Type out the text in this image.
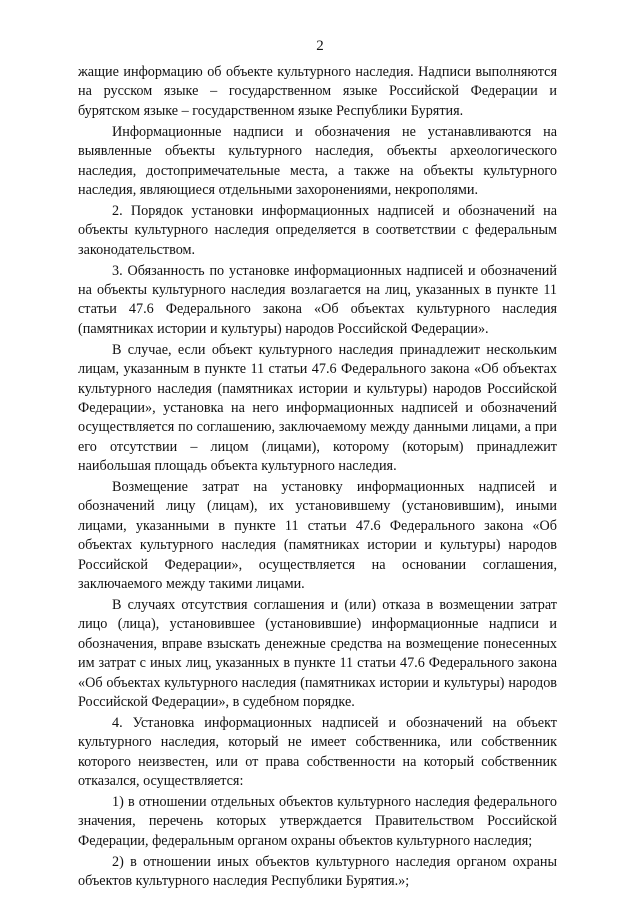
2

жащие информацию об объекте культурного наследия. Надписи выполняются на русском языке – государственном языке Российской Федерации и бурятском языке – государственном языке Республики Бурятия.

Информационные надписи и обозначения не устанавливаются на выявленные объекты культурного наследия, объекты археологического наследия, достопримечательные места, а также на объекты культурного наследия, являющиеся отдельными захоронениями, некрополями.

2. Порядок установки информационных надписей и обозначений на объекты культурного наследия определяется в соответствии с федеральным законодательством.

3. Обязанность по установке информационных надписей и обозначений на объекты культурного наследия возлагается на лиц, указанных в пункте 11 статьи 47.6 Федерального закона «Об объектах культурного наследия (памятниках истории и культуры) народов Российской Федерации».

В случае, если объект культурного наследия принадлежит нескольким лицам, указанным в пункте 11 статьи 47.6 Федерального закона «Об объектах культурного наследия (памятниках истории и культуры) народов Российской Федерации», установка на него информационных надписей и обозначений осуществляется по соглашению, заключаемому между данными лицами, а при его отсутствии – лицом (лицами), которому (которым) принадлежит наибольшая площадь объекта культурного наследия.

Возмещение затрат на установку информационных надписей и обозначений лицу (лицам), их установившему (установившим), иными лицами, указанными в пункте 11 статьи 47.6 Федерального закона «Об объектах культурного наследия (памятниках истории и культуры) народов Российской Федерации», осуществляется на основании соглашения, заключаемого между такими лицами.

В случаях отсутствия соглашения и (или) отказа в возмещении затрат лицо (лица), установившее (установившие) информационные надписи и обозначения, вправе взыскать денежные средства на возмещение понесенных им затрат с иных лиц, указанных в пункте 11 статьи 47.6 Федерального закона «Об объектах культурного наследия (памятниках истории и культуры) народов Российской Федерации», в судебном порядке.

4. Установка информационных надписей и обозначений на объект культурного наследия, который не имеет собственника, или собственник которого неизвестен, или от права собственности на который собственник отказался, осуществляется:

1) в отношении отдельных объектов культурного наследия федерального значения, перечень которых утверждается Правительством Российской Федерации, федеральным органом охраны объектов культурного наследия;

2) в отношении иных объектов культурного наследия органом охраны объектов культурного наследия Республики Бурятия.»;
